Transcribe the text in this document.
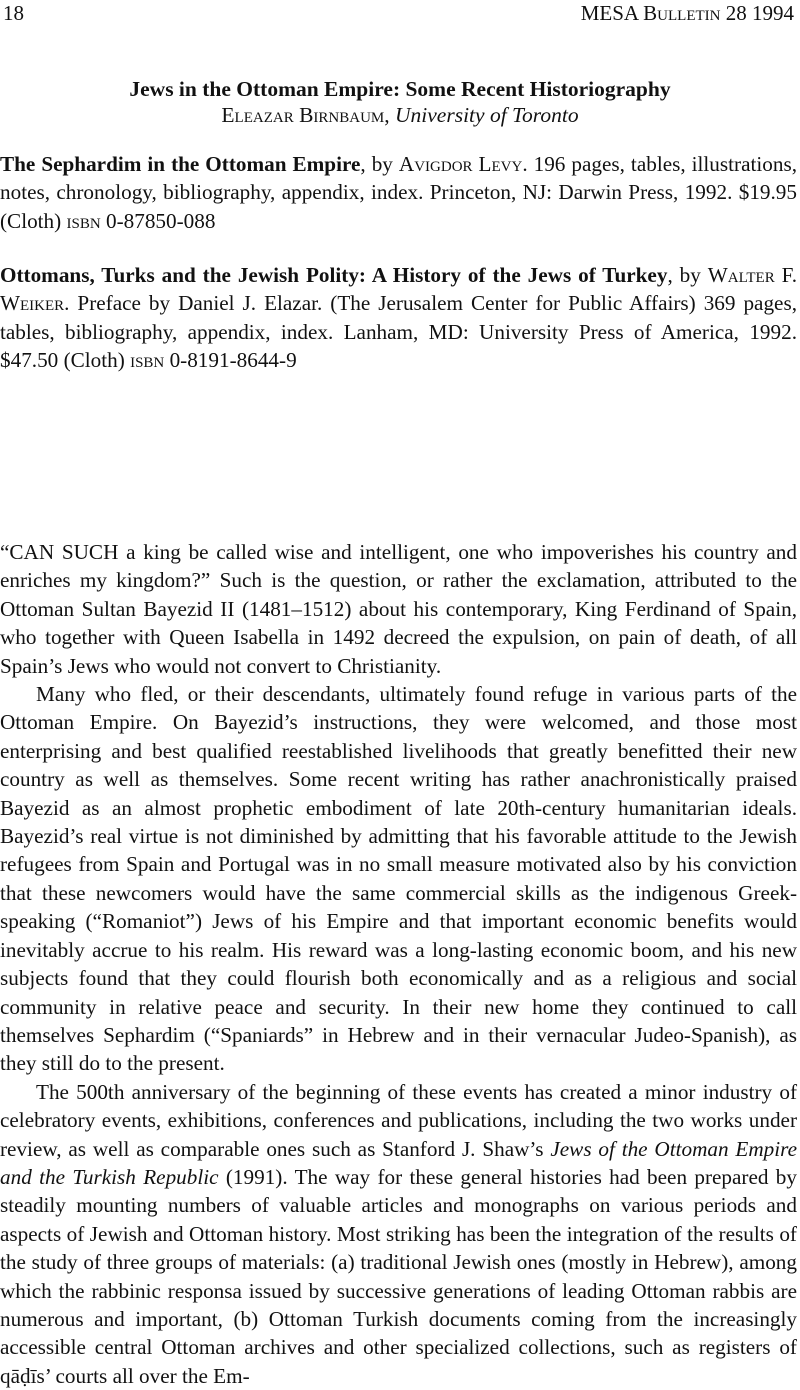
18	MESA Bulletin 28 1994
Jews in the Ottoman Empire: Some Recent Historiography
Eleazar Birnbaum, University of Toronto
The Sephardim in the Ottoman Empire, by Avigdor Levy. 196 pages, tables, illustrations, notes, chronology, bibliography, appendix, index. Princeton, NJ: Darwin Press, 1992. $19.95 (Cloth) isbn 0-87850-088
Ottomans, Turks and the Jewish Polity: A History of the Jews of Turkey, by Walter F. Weiker. Preface by Daniel J. Elazar. (The Jerusalem Center for Public Affairs) 369 pages, tables, bibliography, appendix, index. Lanham, MD: University Press of America, 1992. $47.50 (Cloth) isbn 0-8191-8644-9

“CAN SUCH a king be called wise and intelligent, one who impoverishes his country and enriches my kingdom?” Such is the question, or rather the exclamation, attributed to the Ottoman Sultan Bayezid II (1481–1512) about his contemporary, King Ferdinand of Spain, who together with Queen Isabella in 1492 decreed the expulsion, on pain of death, of all Spain’s Jews who would not convert to Christianity.

Many who fled, or their descendants, ultimately found refuge in various parts of the Ottoman Empire. On Bayezid’s instructions, they were welcomed, and those most enterprising and best qualified reestablished livelihoods that greatly benefitted their new country as well as themselves. Some recent writing has rather anachronistically praised Bayezid as an almost prophetic embodiment of late 20th-century humanitarian ideals. Bayezid’s real virtue is not diminished by admitting that his favorable attitude to the Jewish refugees from Spain and Portugal was in no small measure motivated also by his conviction that these newcomers would have the same commercial skills as the indigenous Greek-speaking (“Romaniot”) Jews of his Empire and that important economic benefits would inevitably accrue to his realm. His reward was a long-lasting economic boom, and his new subjects found that they could flourish both economically and as a religious and social community in relative peace and security. In their new home they continued to call themselves Sephardim (“Spaniards” in Hebrew and in their vernacular Judeo-Spanish), as they still do to the present.

The 500th anniversary of the beginning of these events has created a minor industry of celebratory events, exhibitions, conferences and publications, including the two works under review, as well as comparable ones such as Stanford J. Shaw’s Jews of the Ottoman Empire and the Turkish Republic (1991). The way for these general histories had been prepared by steadily mounting numbers of valuable articles and monographs on various periods and aspects of Jewish and Ottoman history. Most striking has been the integration of the results of the study of three groups of materials: (a) traditional Jewish ones (mostly in Hebrew), among which the rabbinic responsa issued by successive generations of leading Ottoman rabbis are numerous and important, (b) Ottoman Turkish documents coming from the increasingly accessible central Ottoman archives and other specialized collections, such as registers of qāḍīs’ courts all over the Em-
